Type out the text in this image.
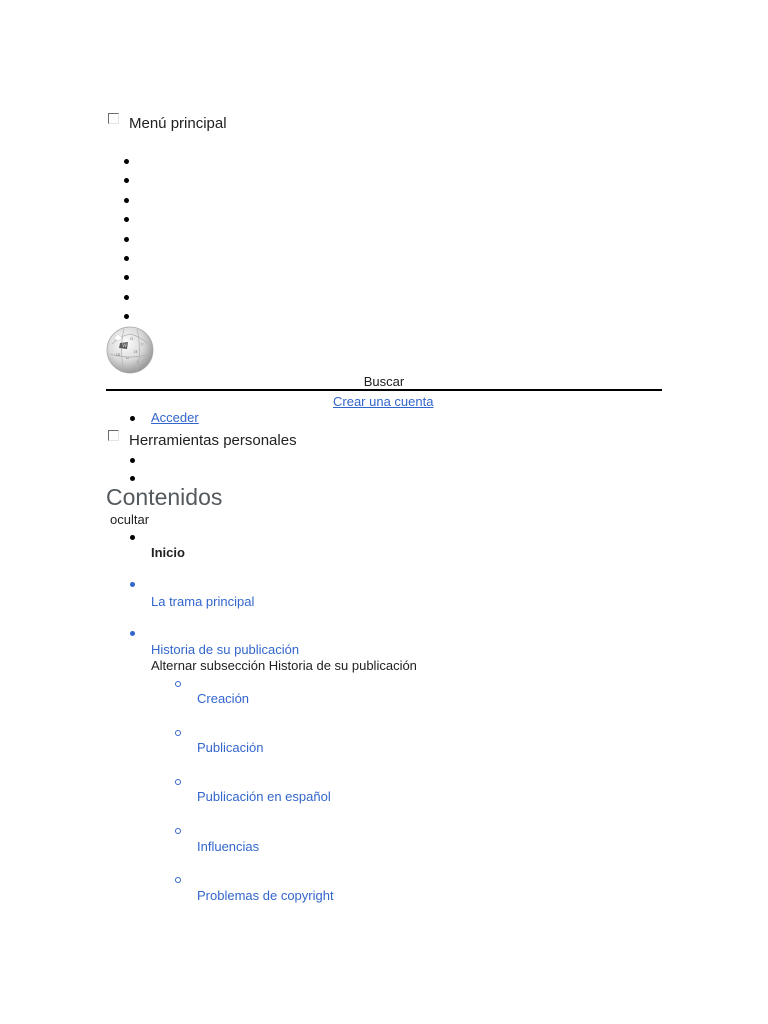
Menú principal
W
Ω
И
Ш
ω
ウ
ᛉ
Buscar
Crear una cuenta
Acceder
Herramientas personales
Contenidos
ocultar
Inicio
La trama principal
Historia de su publicación
Alternar subsección Historia de su publicación
Creación
Publicación
Publicación en español
Influencias
Problemas de copyright
